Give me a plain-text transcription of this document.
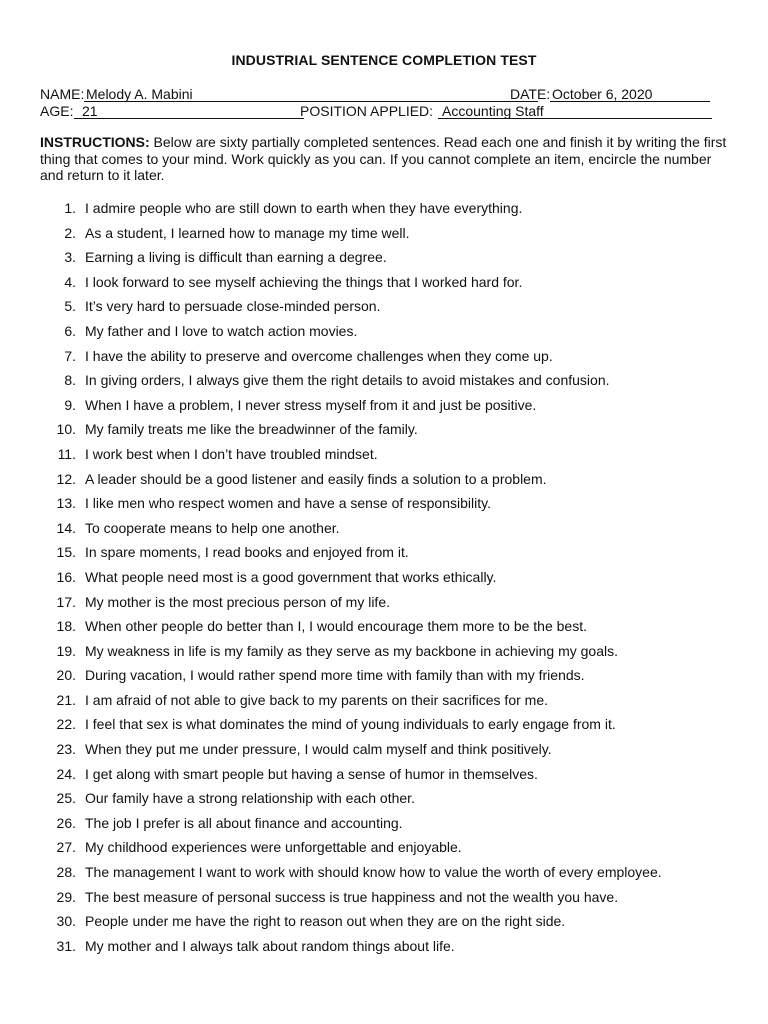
INDUSTRIAL SENTENCE COMPLETION TEST
NAME: Melody A. Mabini	DATE: October 6, 2020
AGE: 21	POSITION APPLIED: Accounting Staff
INSTRUCTIONS: Below are sixty partially completed sentences. Read each one and finish it by writing the first thing that comes to your mind. Work quickly as you can. If you cannot complete an item, encircle the number and return to it later.
1. I admire people who are still down to earth when they have everything.
2. As a student, I learned how to manage my time well.
3. Earning a living is difficult than earning a degree.
4. I look forward to see myself achieving the things that I worked hard for.
5. It’s very hard to persuade close-minded person.
6. My father and I love to watch action movies.
7. I have the ability to preserve and overcome challenges when they come up.
8. In giving orders, I always give them the right details to avoid mistakes and confusion.
9. When I have a problem, I never stress myself from it and just be positive.
10. My family treats me like the breadwinner of the family.
11. I work best when I don’t have troubled mindset.
12. A leader should be a good listener and easily finds a solution to a problem.
13. I like men who respect women and have a sense of responsibility.
14. To cooperate means to help one another.
15. In spare moments, I read books and enjoyed from it.
16. What people need most is a good government that works ethically.
17. My mother is the most precious person of my life.
18. When other people do better than I, I would encourage them more to be the best.
19. My weakness in life is my family as they serve as my backbone in achieving my goals.
20. During vacation, I would rather spend more time with family than with my friends.
21. I am afraid of not able to give back to my parents on their sacrifices for me.
22. I feel that sex is what dominates the mind of young individuals to early engage from it.
23. When they put me under pressure, I would calm myself and think positively.
24. I get along with smart people but having a sense of humor in themselves.
25. Our family have a strong relationship with each other.
26. The job I prefer is all about finance and accounting.
27. My childhood experiences were unforgettable and enjoyable.
28. The management I want to work with should know how to value the worth of every employee.
29. The best measure of personal success is true happiness and not the wealth you have.
30. People under me have the right to reason out when they are on the right side.
31. My mother and I always talk about random things about life.
